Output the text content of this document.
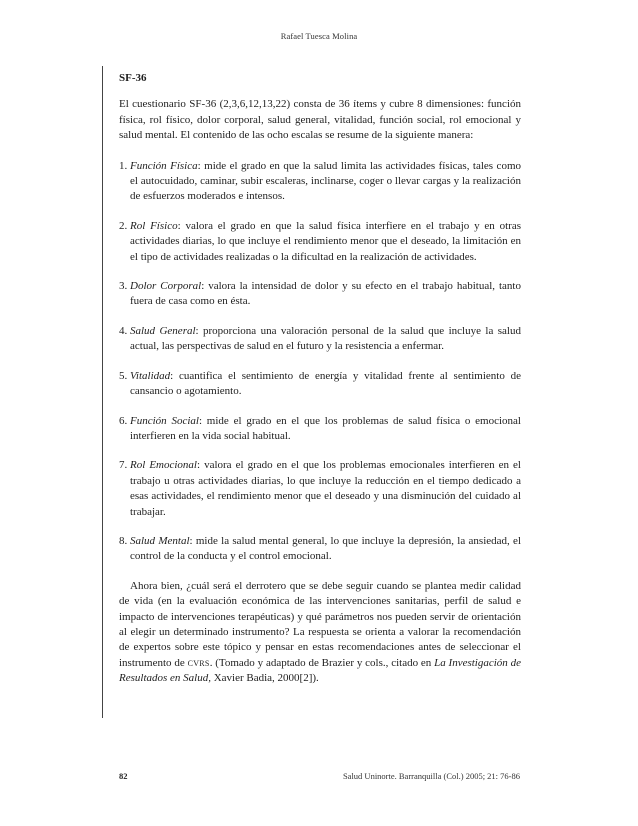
Rafael Tuesca Molina
SF-36

El cuestionario SF-36 (2,3,6,12,13,22) consta de 36 ítems y cubre 8 dimensiones: función física, rol físico, dolor corporal, salud general, vitalidad, función social, rol emocional y salud mental. El contenido de las ocho escalas se resume de la siguiente manera:

1. Función Física: mide el grado en que la salud limita las actividades físicas, tales como el autocuidado, caminar, subir escaleras, inclinarse, coger o llevar cargas y la realización de esfuerzos moderados e intensos.
2. Rol Físico: valora el grado en que la salud física interfiere en el trabajo y en otras actividades diarias, lo que incluye el rendimiento menor que el deseado, la limitación en el tipo de actividades realizadas o la dificultad en la realización de actividades.
3. Dolor Corporal: valora la intensidad de dolor y su efecto en el trabajo habitual, tanto fuera de casa como en ésta.
4. Salud General: proporciona una valoración personal de la salud que incluye la salud actual, las perspectivas de salud en el futuro y la resistencia a enfermar.
5. Vitalidad: cuantifica el sentimiento de energía y vitalidad frente al sentimiento de cansancio o agotamiento.
6. Función Social: mide el grado en el que los problemas de salud física o emocional interfieren en la vida social habitual.
7. Rol Emocional: valora el grado en el que los problemas emocionales interfieren en el trabajo u otras actividades diarias, lo que incluye la reducción en el tiempo dedicado a esas actividades, el rendimiento menor que el deseado y una disminución del cuidado al trabajar.
8. Salud Mental: mide la salud mental general, lo que incluye la depresión, la ansiedad, el control de la conducta y el control emocional.

Ahora bien, ¿cuál será el derrotero que se debe seguir cuando se plantea medir calidad de vida (en la evaluación económica de las intervenciones sanitarias, perfil de salud e impacto de intervenciones terapéuticas) y qué parámetros nos pueden servir de orientación al elegir un determinado instrumento? La respuesta se orienta a valorar la recomendación de expertos sobre este tópico y pensar en estas recomendaciones antes de seleccionar el instrumento de CVRS. (Tomado y adaptado de Brazier y cols., citado en La Investigación de Resultados en Salud, Xavier Badia, 2000[2]).

82	Salud Uninorte. Barranquilla (Col.) 2005; 21: 76-86
